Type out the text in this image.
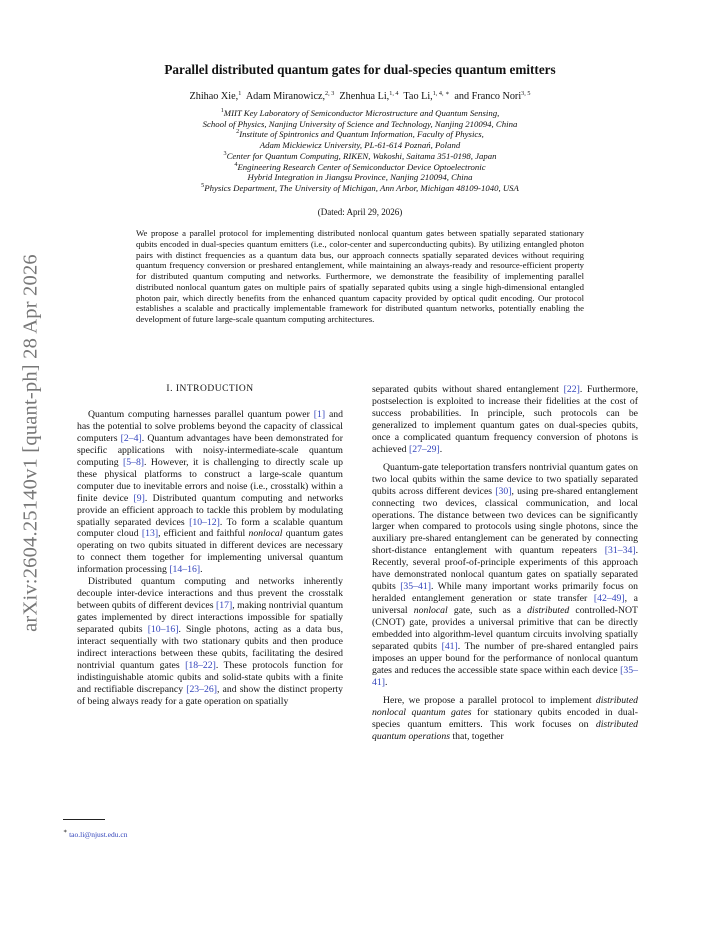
arXiv:2604.25140v1 [quant-ph] 28 Apr 2026
Parallel distributed quantum gates for dual-species quantum emitters
Zhihao Xie,$^1$ Adam Miranowicz,$^{2, 3}$ Zhenhua Li,$^{1, 4}$ Tao Li,$^{1, 4, ∗}$ and Franco Nori$^{3, 5}$
$^1$MIIT Key Laboratory of Semiconductor Microstructure and Quantum Sensing,
School of Physics, Nanjing University of Science and Technology, Nanjing 210094, China
$^2$Institute of Spintronics and Quantum Information, Faculty of Physics,
Adam Mickiewicz University, PL-61-614 Poznań, Poland
$^3$Center for Quantum Computing, RIKEN, Wakoshi, Saitama 351-0198, Japan
$^4$Engineering Research Center of Semiconductor Device Optoelectronic
Hybrid Integration in Jiangsu Province, Nanjing 210094, China
$^5$Physics Department, The University of Michigan, Ann Arbor, Michigan 48109-1040, USA
(Dated: April 29, 2026)
We propose a parallel protocol for implementing distributed nonlocal quantum gates between spatially separated stationary qubits encoded in dual-species quantum emitters (i.e., color-center and superconducting qubits). By utilizing entangled photon pairs with distinct frequencies as a quantum data bus, our approach connects spatially separated devices without requiring quantum frequency conversion or preshared entanglement, while maintaining an always-ready and resource-efficient property for distributed quantum computing and networks. Furthermore, we demonstrate the feasibility of implementing parallel distributed nonlocal quantum gates on multiple pairs of spatially separated qubits using a single high-dimensional entangled photon pair, which directly benefits from the enhanced quantum capacity provided by optical qudit encoding. Our protocol establishes a scalable and practically implementable framework for distributed quantum networks, potentially enabling the development of future large-scale quantum computing architectures.
I. INTRODUCTION

Quantum computing harnesses parallel quantum power [1] and has the potential to solve problems beyond the capacity of classical computers [2–4]. Quantum advantages have been demonstrated for specific applications with noisy-intermediate-scale quantum computing [5–8]. However, it is challenging to directly scale up these physical platforms to construct a large-scale quantum computer due to inevitable errors and noise (i.e., crosstalk) within a finite device [9]. Distributed quantum computing and networks provide an efficient approach to tackle this problem by modulating spatially separated devices [10–12]. To form a scalable quantum computer cloud [13], efficient and faithful nonlocal quantum gates operating on two qubits situated in different devices are necessary to connect them together for implementing universal quantum information processing [14–16].

Distributed quantum computing and networks inherently decouple inter-device interactions and thus prevent the crosstalk between qubits of different devices [17], making nontrivial quantum gates implemented by direct interactions impossible for spatially separated qubits [10–16]. Single photons, acting as a data bus, interact sequentially with two stationary qubits and then produce indirect interactions between these qubits, facilitating the desired nontrivial quantum gates [18–22]. These protocols function for indistinguishable atomic qubits and solid-state qubits with a finite and rectifiable discrepancy [23–26], and show the distinct property of being always ready for a gate operation on spatially

separated qubits without shared entanglement [22]. Furthermore, postselection is exploited to increase their fidelities at the cost of success probabilities. In principle, such protocols can be generalized to implement quantum gates on dual-species qubits, once a complicated quantum frequency conversion of photons is achieved [27–29].

Quantum-gate teleportation transfers nontrivial quantum gates on two local qubits within the same device to two spatially separated qubits across different devices [30], using pre-shared entanglement connecting two devices, classical communication, and local operations. The distance between two devices can be significantly larger when compared to protocols using single photons, since the auxiliary pre-shared entanglement can be generated by connecting short-distance entanglement with quantum repeaters [31–34]. Recently, several proof-of-principle experiments of this approach have demonstrated nonlocal quantum gates on spatially separated qubits [35–41]. While many important works primarily focus on heralded entanglement generation or state transfer [42–49], a universal nonlocal gate, such as a distributed controlled-NOT (CNOT) gate, provides a universal primitive that can be directly embedded into algorithm-level quantum circuits involving spatially separated qubits [41]. The number of pre-shared entangled pairs imposes an upper bound for the performance of nonlocal quantum gates and reduces the accessible state space within each device [35–41].

Here, we propose a parallel protocol to implement distributed nonlocal quantum gates for stationary qubits encoded in dual-species quantum emitters. This work focuses on distributed quantum operations that, together

∗ tao.li@njust.edu.cn
